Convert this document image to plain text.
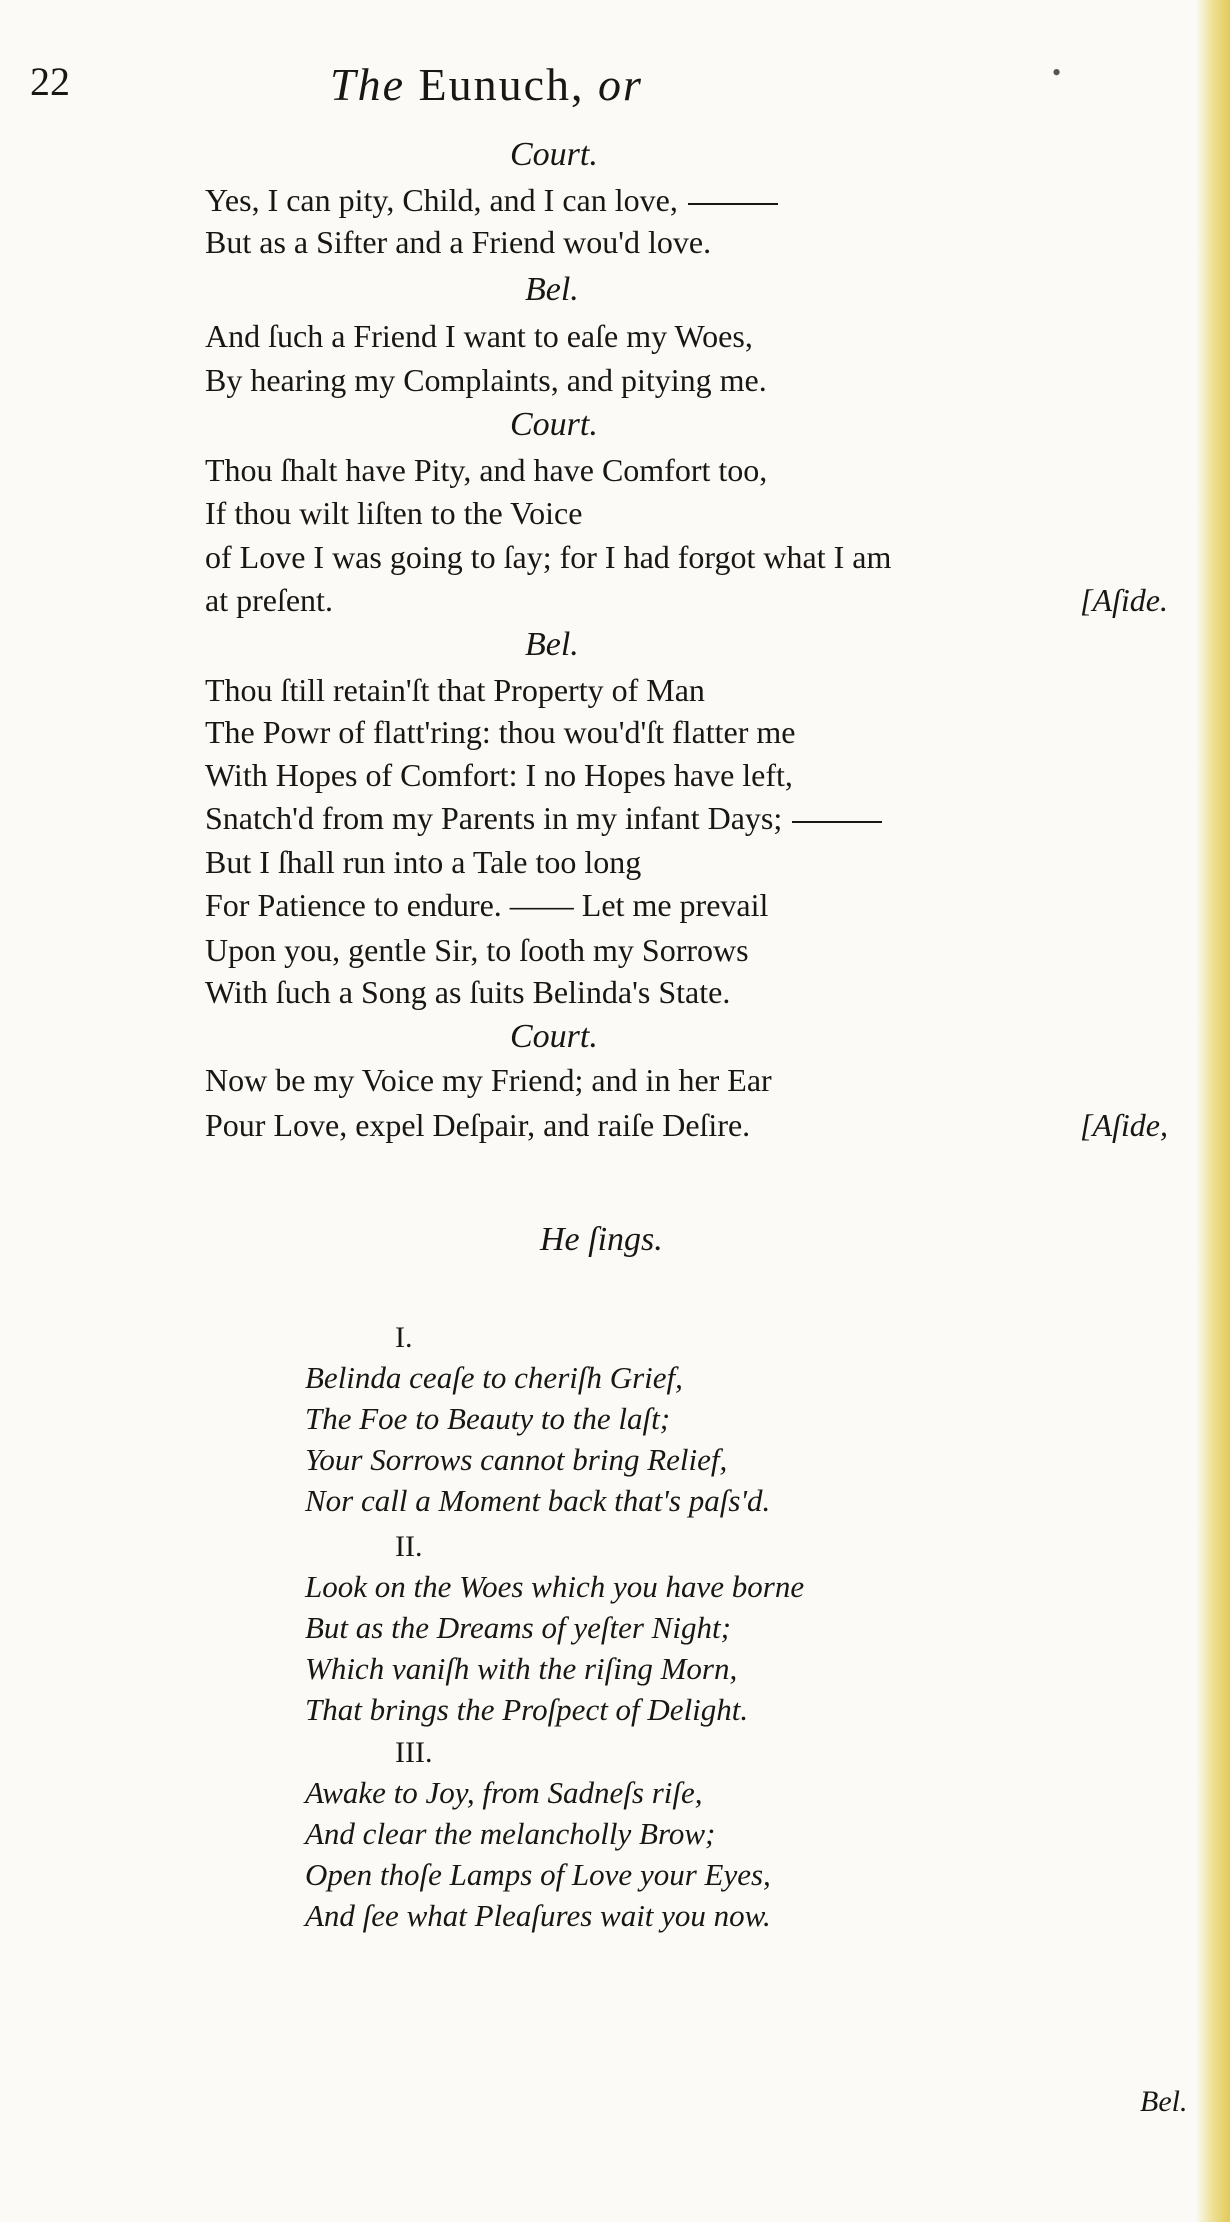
22	The Eunuch, or	•
Court.
Yes, I can pity, Child, and I can love,
But as a Sifter and a Friend wou'd love.
Bel.
And ſuch a Friend I want to eaſe my Woes,
By hearing my Complaints, and pitying me.
Court.
Thou ſhalt have Pity, and have Comfort too,
If thou wilt liſten to the Voice
of Love I was going to ſay; for I had forgot what I am
at preſent.	[Aſide.
Bel.
Thou ſtill retain'ſt that Property of Man
The Powr of flatt'ring: thou wou'd'ſt flatter me
With Hopes of Comfort: I no Hopes have left,
Snatch'd from my Parents in my infant Days;
But I ſhall run into a Tale too long
For Patience to endure. —— Let me prevail
Upon you, gentle Sir, to ſooth my Sorrows
With ſuch a Song as ſuits Belinda's State.
Court.
Now be my Voice my Friend; and in her Ear
Pour Love, expel Deſpair, and raiſe Deſire.	[Aſide,
He ſings.
I.
Belinda ceaſe to cheriſh Grief,
The Foe to Beauty to the laſt;
Your Sorrows cannot bring Relief,
Nor call a Moment back that's paſs'd.
II.
Look on the Woes which you have borne
But as the Dreams of yeſter Night;
Which vaniſh with the riſing Morn,
That brings the Proſpect of Delight.
III.
Awake to Joy, from Sadneſs riſe,
And clear the melancholly Brow;
Open thoſe Lamps of Love your Eyes,
And ſee what Pleaſures wait you now.
Bel.
